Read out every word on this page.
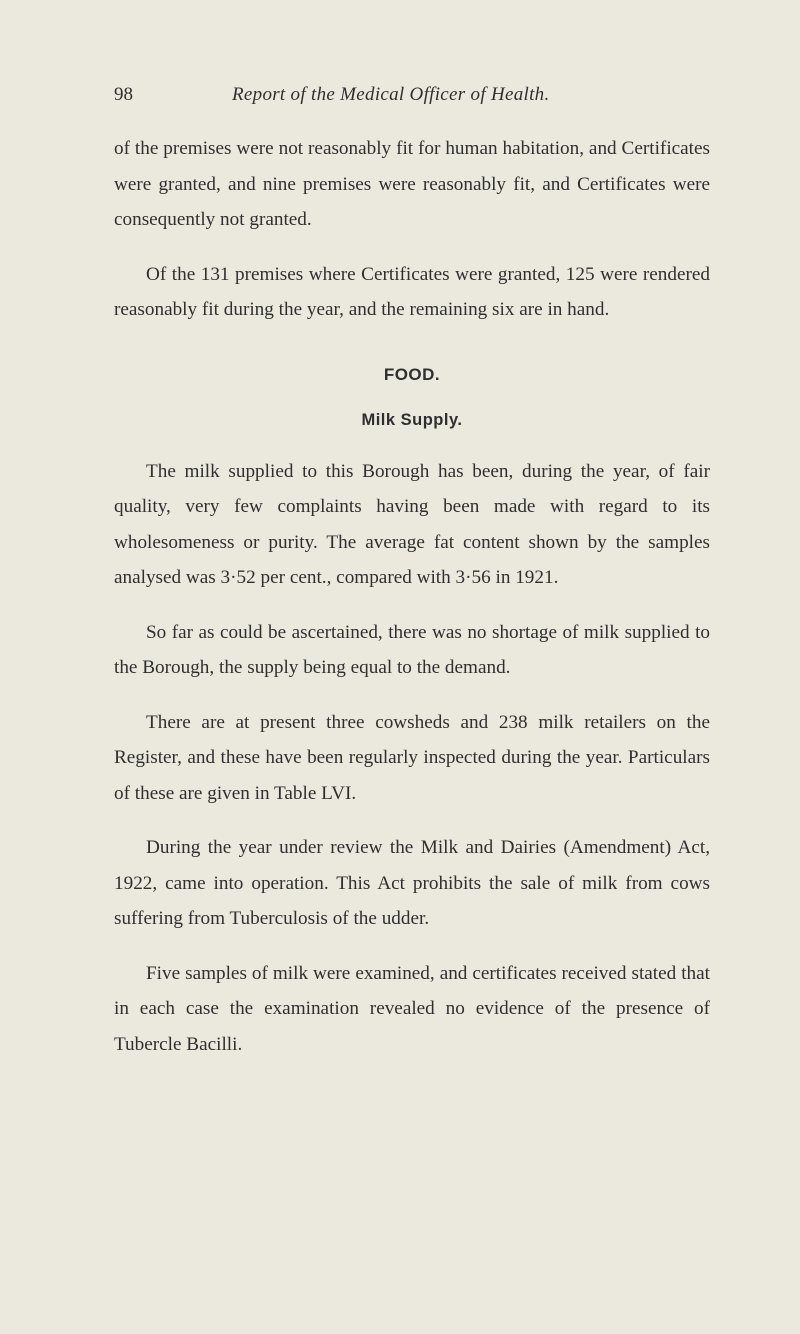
98	Report of the Medical Officer of Health.

of the premises were not reasonably fit for human habitation, and Certificates were granted, and nine premises were reasonably fit, and Certificates were consequently not granted.

Of the 131 premises where Certificates were granted, 125 were rendered reasonably fit during the year, and the remaining six are in hand.

FOOD.
Milk Supply.

The milk supplied to this Borough has been, during the year, of fair quality, very few complaints having been made with regard to its wholesomeness or purity. The average fat content shown by the samples analysed was 3·52 per cent., compared with 3·56 in 1921.

So far as could be ascertained, there was no shortage of milk supplied to the Borough, the supply being equal to the demand.

There are at present three cowsheds and 238 milk retailers on the Register, and these have been regularly inspected during the year. Particulars of these are given in Table LVI.

During the year under review the Milk and Dairies (Amendment) Act, 1922, came into operation. This Act prohibits the sale of milk from cows suffering from Tuberculosis of the udder.

Five samples of milk were examined, and certificates received stated that in each case the examination revealed no evidence of the presence of Tubercle Bacilli.
